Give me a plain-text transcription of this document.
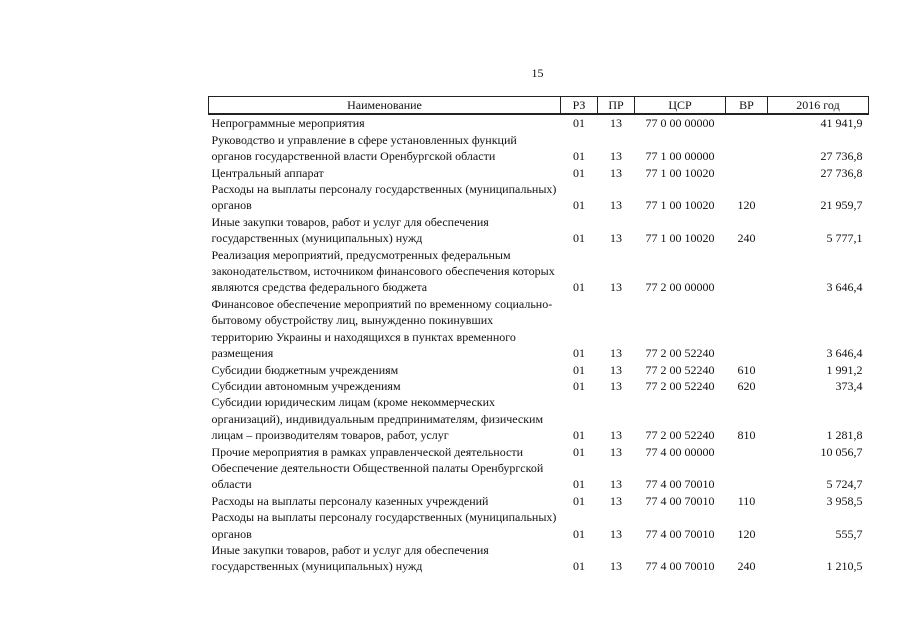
15
Наименование	РЗ	ПР	ЦСР	ВР	2016 год
Непрограммные мероприятия	01	13	77 0 00 00000		41 941,9
Руководство и управление в сфере установленных функций органов государственной власти Оренбургской области	01	13	77 1 00 00000		27 736,8
Центральный аппарат	01	13	77 1 00 10020		27 736,8
Расходы на выплаты персоналу государственных (муниципальных) органов	01	13	77 1 00 10020	120	21 959,7
Иные закупки товаров, работ и услуг для обеспечения государственных (муниципальных) нужд	01	13	77 1 00 10020	240	5 777,1
Реализация мероприятий, предусмотренных федеральным законодательством, источником финансового обеспечения которых являются средства федерального бюджета	01	13	77 2 00 00000		3 646,4
Финансовое обеспечение мероприятий по временному социально-бытовому обустройству лиц, вынужденно покинувших территорию Украины и находящихся в пунктах временного размещения	01	13	77 2 00 52240		3 646,4
Субсидии бюджетным учреждениям	01	13	77 2 00 52240	610	1 991,2
Субсидии автономным учреждениям	01	13	77 2 00 52240	620	373,4
Субсидии юридическим лицам (кроме некоммерческих организаций), индивидуальным предпринимателям, физическим лицам – производителям товаров, работ, услуг	01	13	77 2 00 52240	810	1 281,8
Прочие мероприятия в рамках управленческой деятельности	01	13	77 4 00 00000		10 056,7
Обеспечение деятельности Общественной палаты Оренбургской области	01	13	77 4 00 70010		5 724,7
Расходы на выплаты персоналу казенных учреждений	01	13	77 4 00 70010	110	3 958,5
Расходы на выплаты персоналу государственных (муниципальных) органов	01	13	77 4 00 70010	120	555,7
Иные закупки товаров, работ и услуг для обеспечения государственных (муниципальных) нужд	01	13	77 4 00 70010	240	1 210,5
